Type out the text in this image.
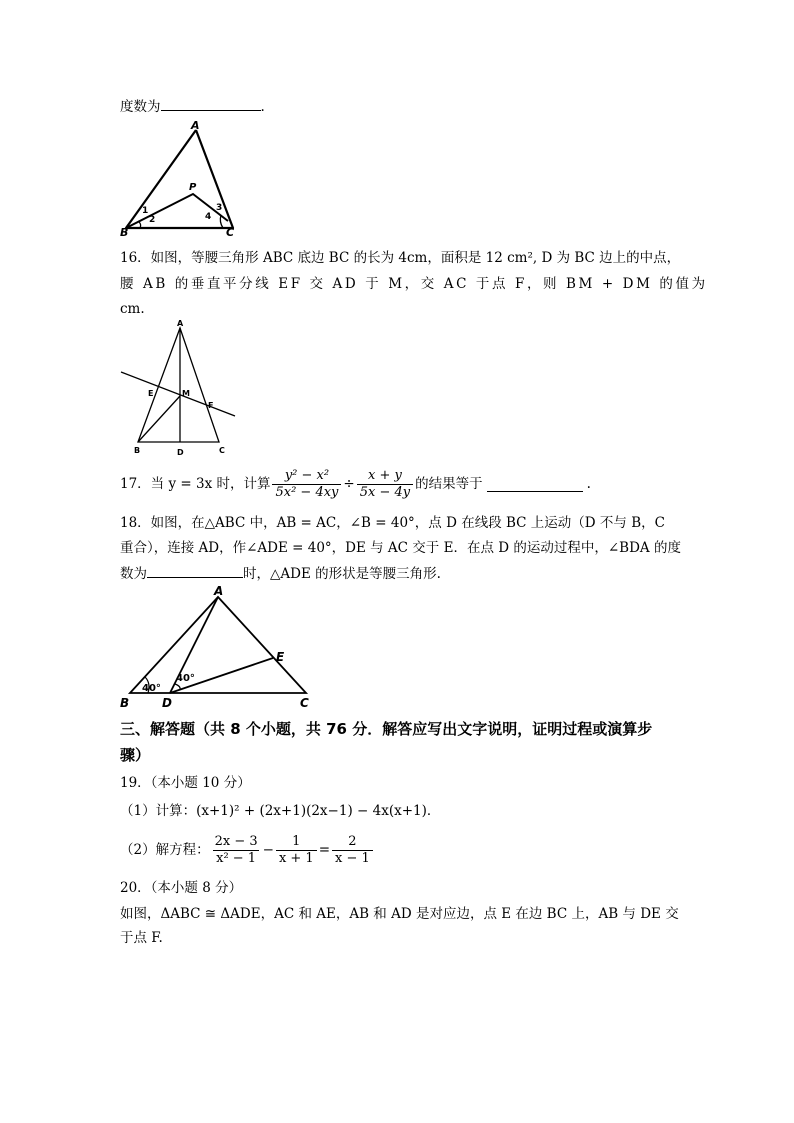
度数为	.
A
P
B	C
1
2
3
4
16．如图，等腰三角形 ABC 底边 BC 的长为 4cm，面积是 12 cm², D 为 BC 边上的中点，
腰 AB 的垂直平分线 EF 交 AD 于 M，交 AC 于点 F，则 BM + DM 的值为
cm.
A
E	M
F
B	D	C
17．当 y = 3x 时，计算 $\frac{\text{y² − x²}}{\text{5x² − 4xy}} \div \frac{x + y}{5x - 4y}$ 的结果等于	.
18．如图，在△ABC 中，AB = AC，∠B = 40°，点 D 在线段 BC 上运动（D 不与 B，C
重合），连接 AD，作∠ADE = 40°，DE 与 AC 交于 E．在点 D 的运动过程中，∠BDA 的度
数为	时，△ADE 的形状是等腰三角形.
A
E
B	D	C
40°
40°
三、解答题（共 8 个小题，共 76 分．解答应写出文字说明，证明过程或演算步
骤）
19．（本小题 10 分）
（1）计算：(x+1)² + (2x+1)(2x−1) − 4x(x+1)．
（2）解方程： $\frac{2x - 3}{\text{x² − 1}} - \frac{1}{x + 1} = \frac{2}{x - 1}$
20．（本小题 8 分）
如图，ΔABC ≅ ΔADE，AC 和 AE，AB 和 AD 是对应边，点 E 在边 BC 上，AB 与 DE 交
于点 F.
